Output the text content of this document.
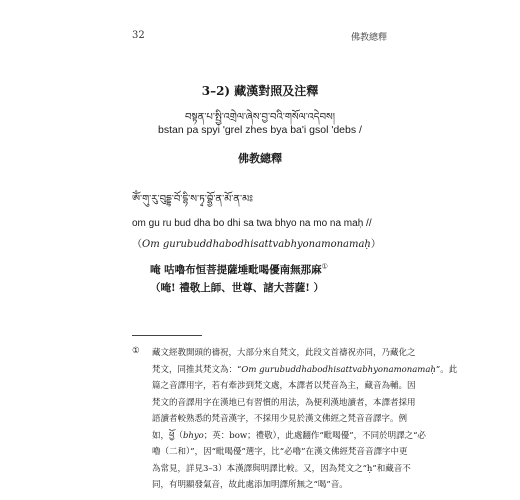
32	佛教總釋
3–2) 藏漢對照及注釋
བསྟན་པ་སྤྱི་འགྲེལ་ཞེས་བྱ་བའི་གསོལ་འདེབས།
bstan pa spyi 'grel zhes bya ba'i gsol 'debs /
佛教總釋
ཨོཾ་གུ་རུ་བུདྡྷ་བོ་དྷི་ས་ཏྭ་བྷྱོ་ན་མོ་ན་མཿ
om gu ru bud dha bo dhi sa twa bhyo na mo na maḥ //
（Om gurubuddhabodhisattvabhyonamonamaḥ）
唵 咕嚕布恒菩提薩埵毗喝優南無那麻①
（唵! 禮敬上師、世尊、諸大菩薩! ）
① 藏文經教開頭的禱祝，大部分來自梵文，此段文首禱祝亦同，乃藏化之
梵文，同推其梵文為：“Om gurubuddhabodhisattvabhyonamonamaḥ”。此
篇之音譯用字，若有牽涉到梵文處，本譯者以梵音為主，藏音為輔。因
梵文的音譯用字在漢地已有習慣的用法，為便利漢地讀者，本譯者採用
語讀者較熟悉的梵音漢字，不採用少見於漢文佛經之梵音音譯字。例
如，ཕྱོ（bhyo；英：bow；禮敬），此處翻作“毗喝優”，不同於明譯之“必
嚕（二和）”，因“毗喝優”選字，比“必嚕”在漢文佛經梵音音譯字中更
為常見，詳見3–3）本漢譯與明譯比較。又，因為梵文之“ḥ”和藏音不
同，有明顯發氣音，故此處添加明譯所無之“喝”音。
